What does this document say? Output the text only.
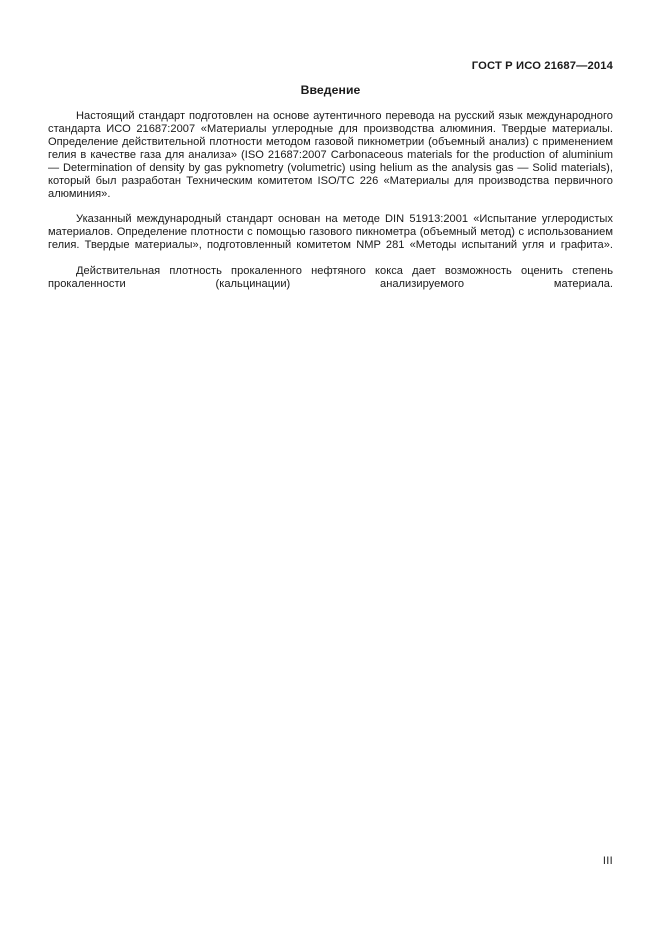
ГОСТ Р ИСО 21687—2014
Введение

Настоящий стандарт подготовлен на основе аутентичного перевода на русский язык международного стандарта ИСО 21687:2007 «Материалы углеродные для производства алюминия. Твердые материалы. Определение действительной плотности методом газовой пикнометрии (объемный анализ) с применением гелия в качестве газа для анализа» (ISO 21687:2007 Carbonaceous materials for the production of aluminium — Determination of density by gas pyknometry (volumetric) using helium as the analysis gas — Solid materials), который был разработан Техническим комитетом ISO/TC 226 «Материалы для производства первичного алюминия».

Указанный международный стандарт основан на методе DIN 51913:2001 «Испытание углеродистых материалов. Определение плотности с помощью газового пикнометра (объемный метод) с использованием гелия. Твердые материалы», подготовленный комитетом NMP 281 «Методы испытаний угля и графита».

Действительная плотность прокаленного нефтяного кокса дает возможность оценить степень прокаленности (кальцинации) анализируемого материала.

III
